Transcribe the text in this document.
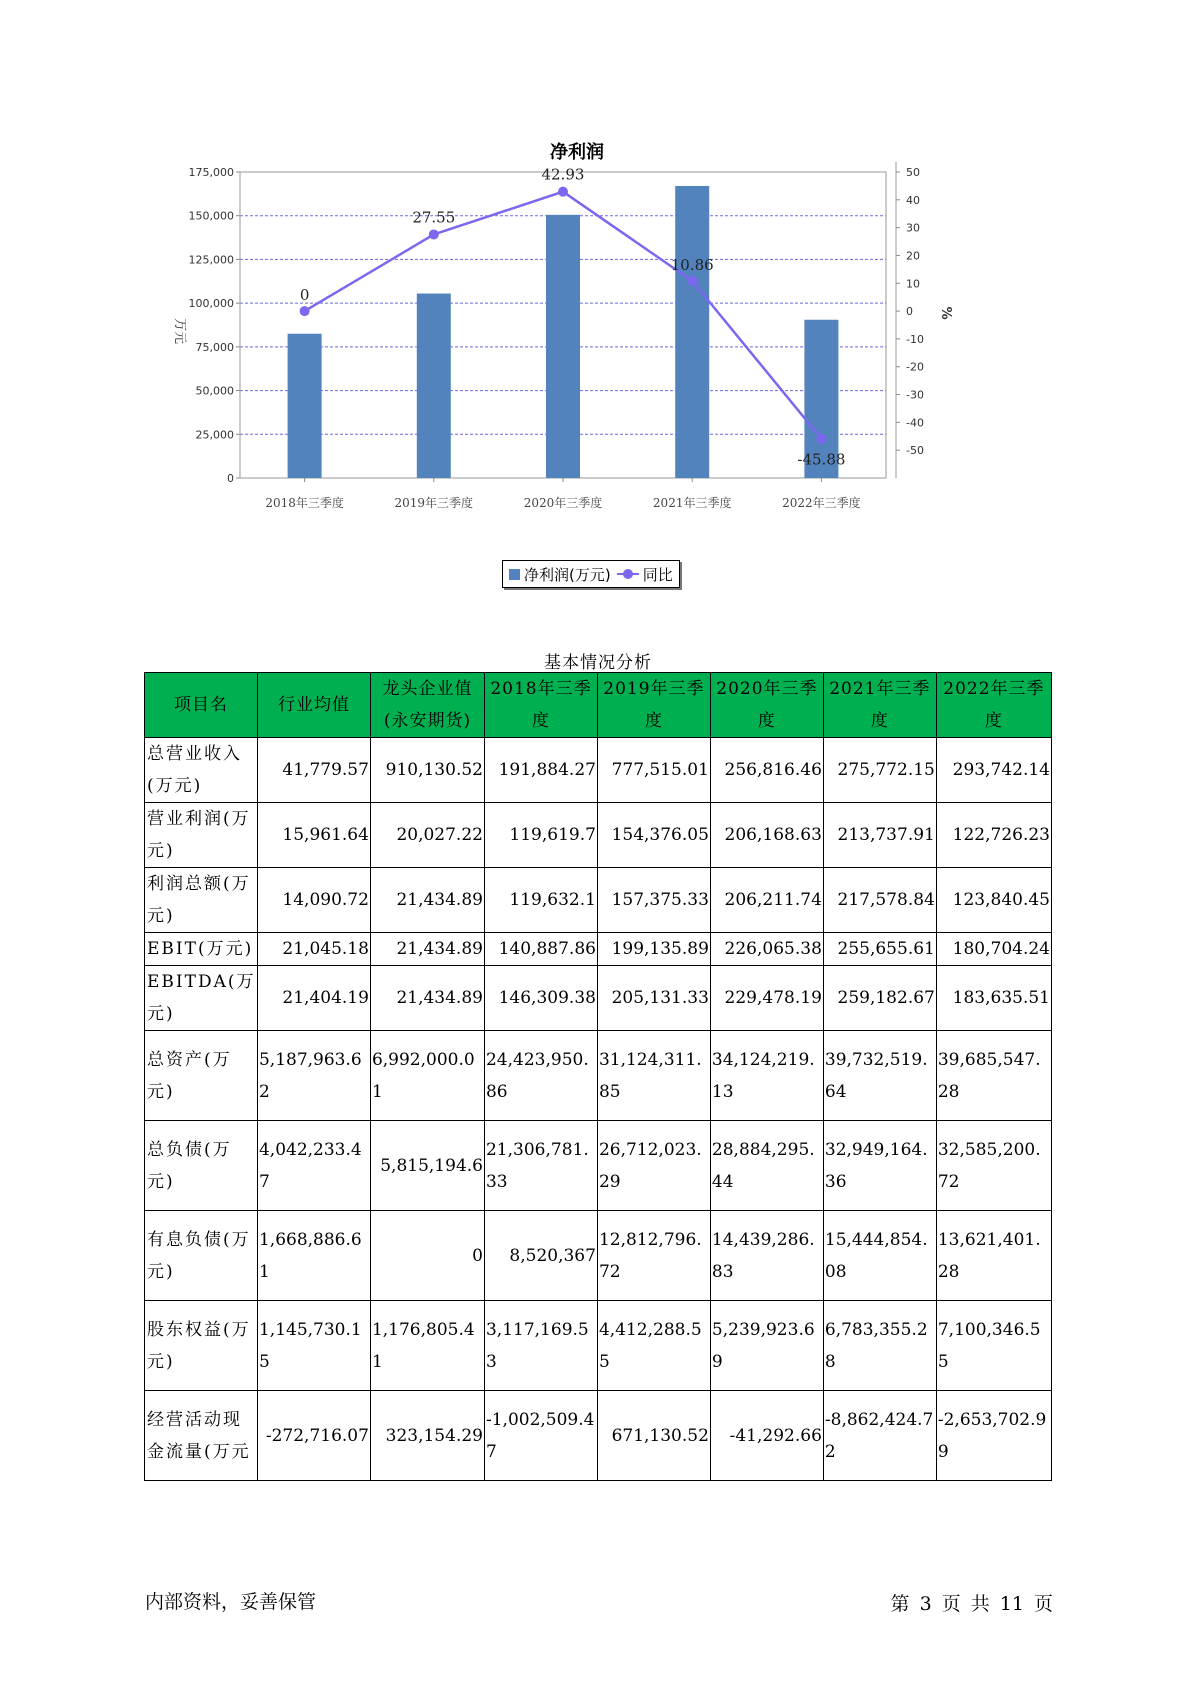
净利润
0
25,000
50,000
75,000
100,000
125,000
150,000
175,000
-50
-40
-30
-20
-10
0
10
20
30
40
50
万元
%
2018年三季度	2019年三季度	2020年三季度	2021年三季度	2022年三季度
0
27.55
42.93
10.86
-45.88
净利润(万元) 同比
基本情况分析
项目名	行业均值	龙头企业值(永安期货)	2018年三季度	2019年三季度	2020年三季度	2021年三季度	2022年三季度
总营业收入(万元)	41,779.57	910,130.52	191,884.27	777,515.01	256,816.46	275,772.15	293,742.14
营业利润(万元)	15,961.64	20,027.22	119,619.7	154,376.05	206,168.63	213,737.91	122,726.23
利润总额(万元)	14,090.72	21,434.89	119,632.1	157,375.33	206,211.74	217,578.84	123,840.45
EBIT(万元)	21,045.18	21,434.89	140,887.86	199,135.89	226,065.38	255,655.61	180,704.24
EBITDA(万元)	21,404.19	21,434.89	146,309.38	205,131.33	229,478.19	259,182.67	183,635.51
总资产(万元)	5,187,963.62	6,992,000.01	24,423,950.86	31,124,311.85	34,124,219.13	39,732,519.64	39,685,547.28
总负债(万元)	4,042,233.47	5,815,194.6	21,306,781.33	26,712,023.29	28,884,295.44	32,949,164.36	32,585,200.72
有息负债(万元)	1,668,886.61	0	8,520,367	12,812,796.72	14,439,286.83	15,444,854.08	13,621,401.28
股东权益(万元)	1,145,730.15	1,176,805.41	3,117,169.53	4,412,288.55	5,239,923.69	6,783,355.28	7,100,346.55
经营活动现金流量(万元	-272,716.07	323,154.29	-1,002,509.47	671,130.52	-41,292.66	-8,862,424.72	-2,653,702.99
内部资料，妥善保管	第 3 页 共 11 页
